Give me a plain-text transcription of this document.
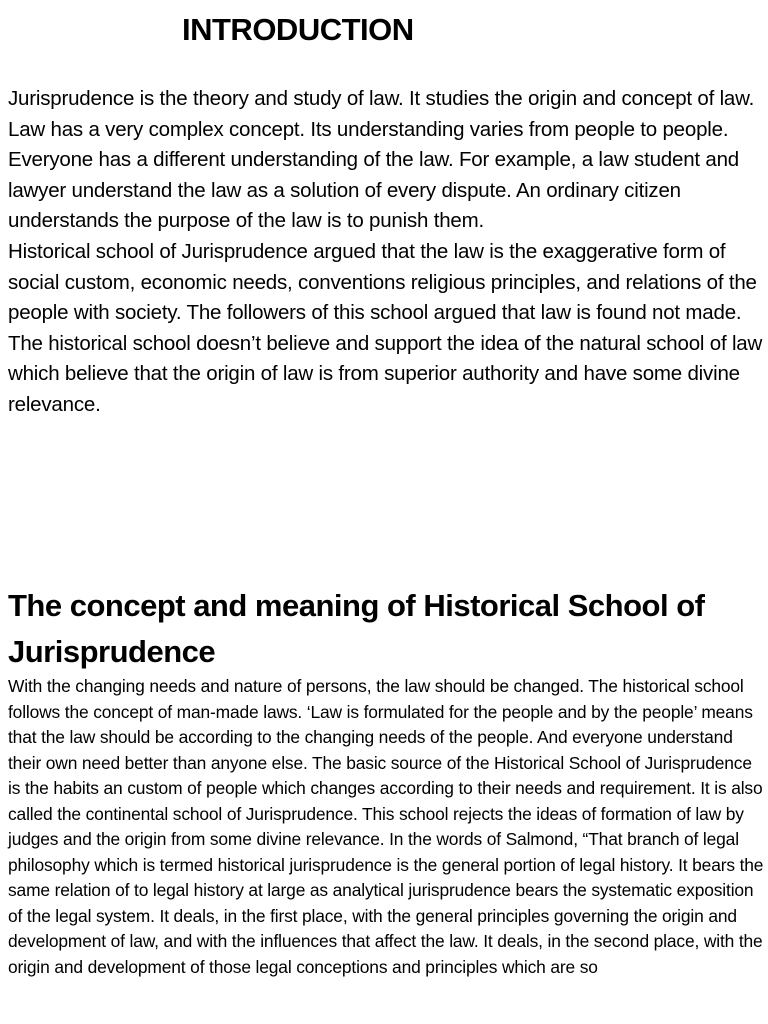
INTRODUCTION

Jurisprudence is the theory and study of law. It studies the origin and concept of law. Law has a very complex concept. Its understanding varies from people to people. Everyone has a different understanding of the law. For example, a law student and lawyer understand the law as a solution of every dispute. An ordinary citizen understands the purpose of the law is to punish them.

Historical school of Jurisprudence argued that the law is the exaggerative form of social custom, economic needs, conventions religious principles, and relations of the people with society. The followers of this school argued that law is found not made. The historical school doesn’t believe and support the idea of the natural school of law which believe that the origin of law is from superior authority and have some divine relevance.

The concept and meaning of Historical School of Jurisprudence

With the changing needs and nature of persons, the law should be changed. The historical school follows the concept of man-made laws. ‘Law is formulated for the people and by the people’ means that the law should be according to the changing needs of the people. And everyone understand their own need better than anyone else. The basic source of the Historical School of Jurisprudence is the habits an custom of people which changes according to their needs and requirement. It is also called the continental school of Jurisprudence. This school rejects the ideas of formation of law by judges and the origin from some divine relevance. In the words of Salmond, “That branch of legal philosophy which is termed historical jurisprudence is the general portion of legal history. It bears the same relation of to legal history at large as analytical jurisprudence bears the systematic exposition of the legal system. It deals, in the first place, with the general principles governing the origin and development of law, and with the influences that affect the law. It deals, in the second place, with the origin and development of those legal conceptions and principles which are so
